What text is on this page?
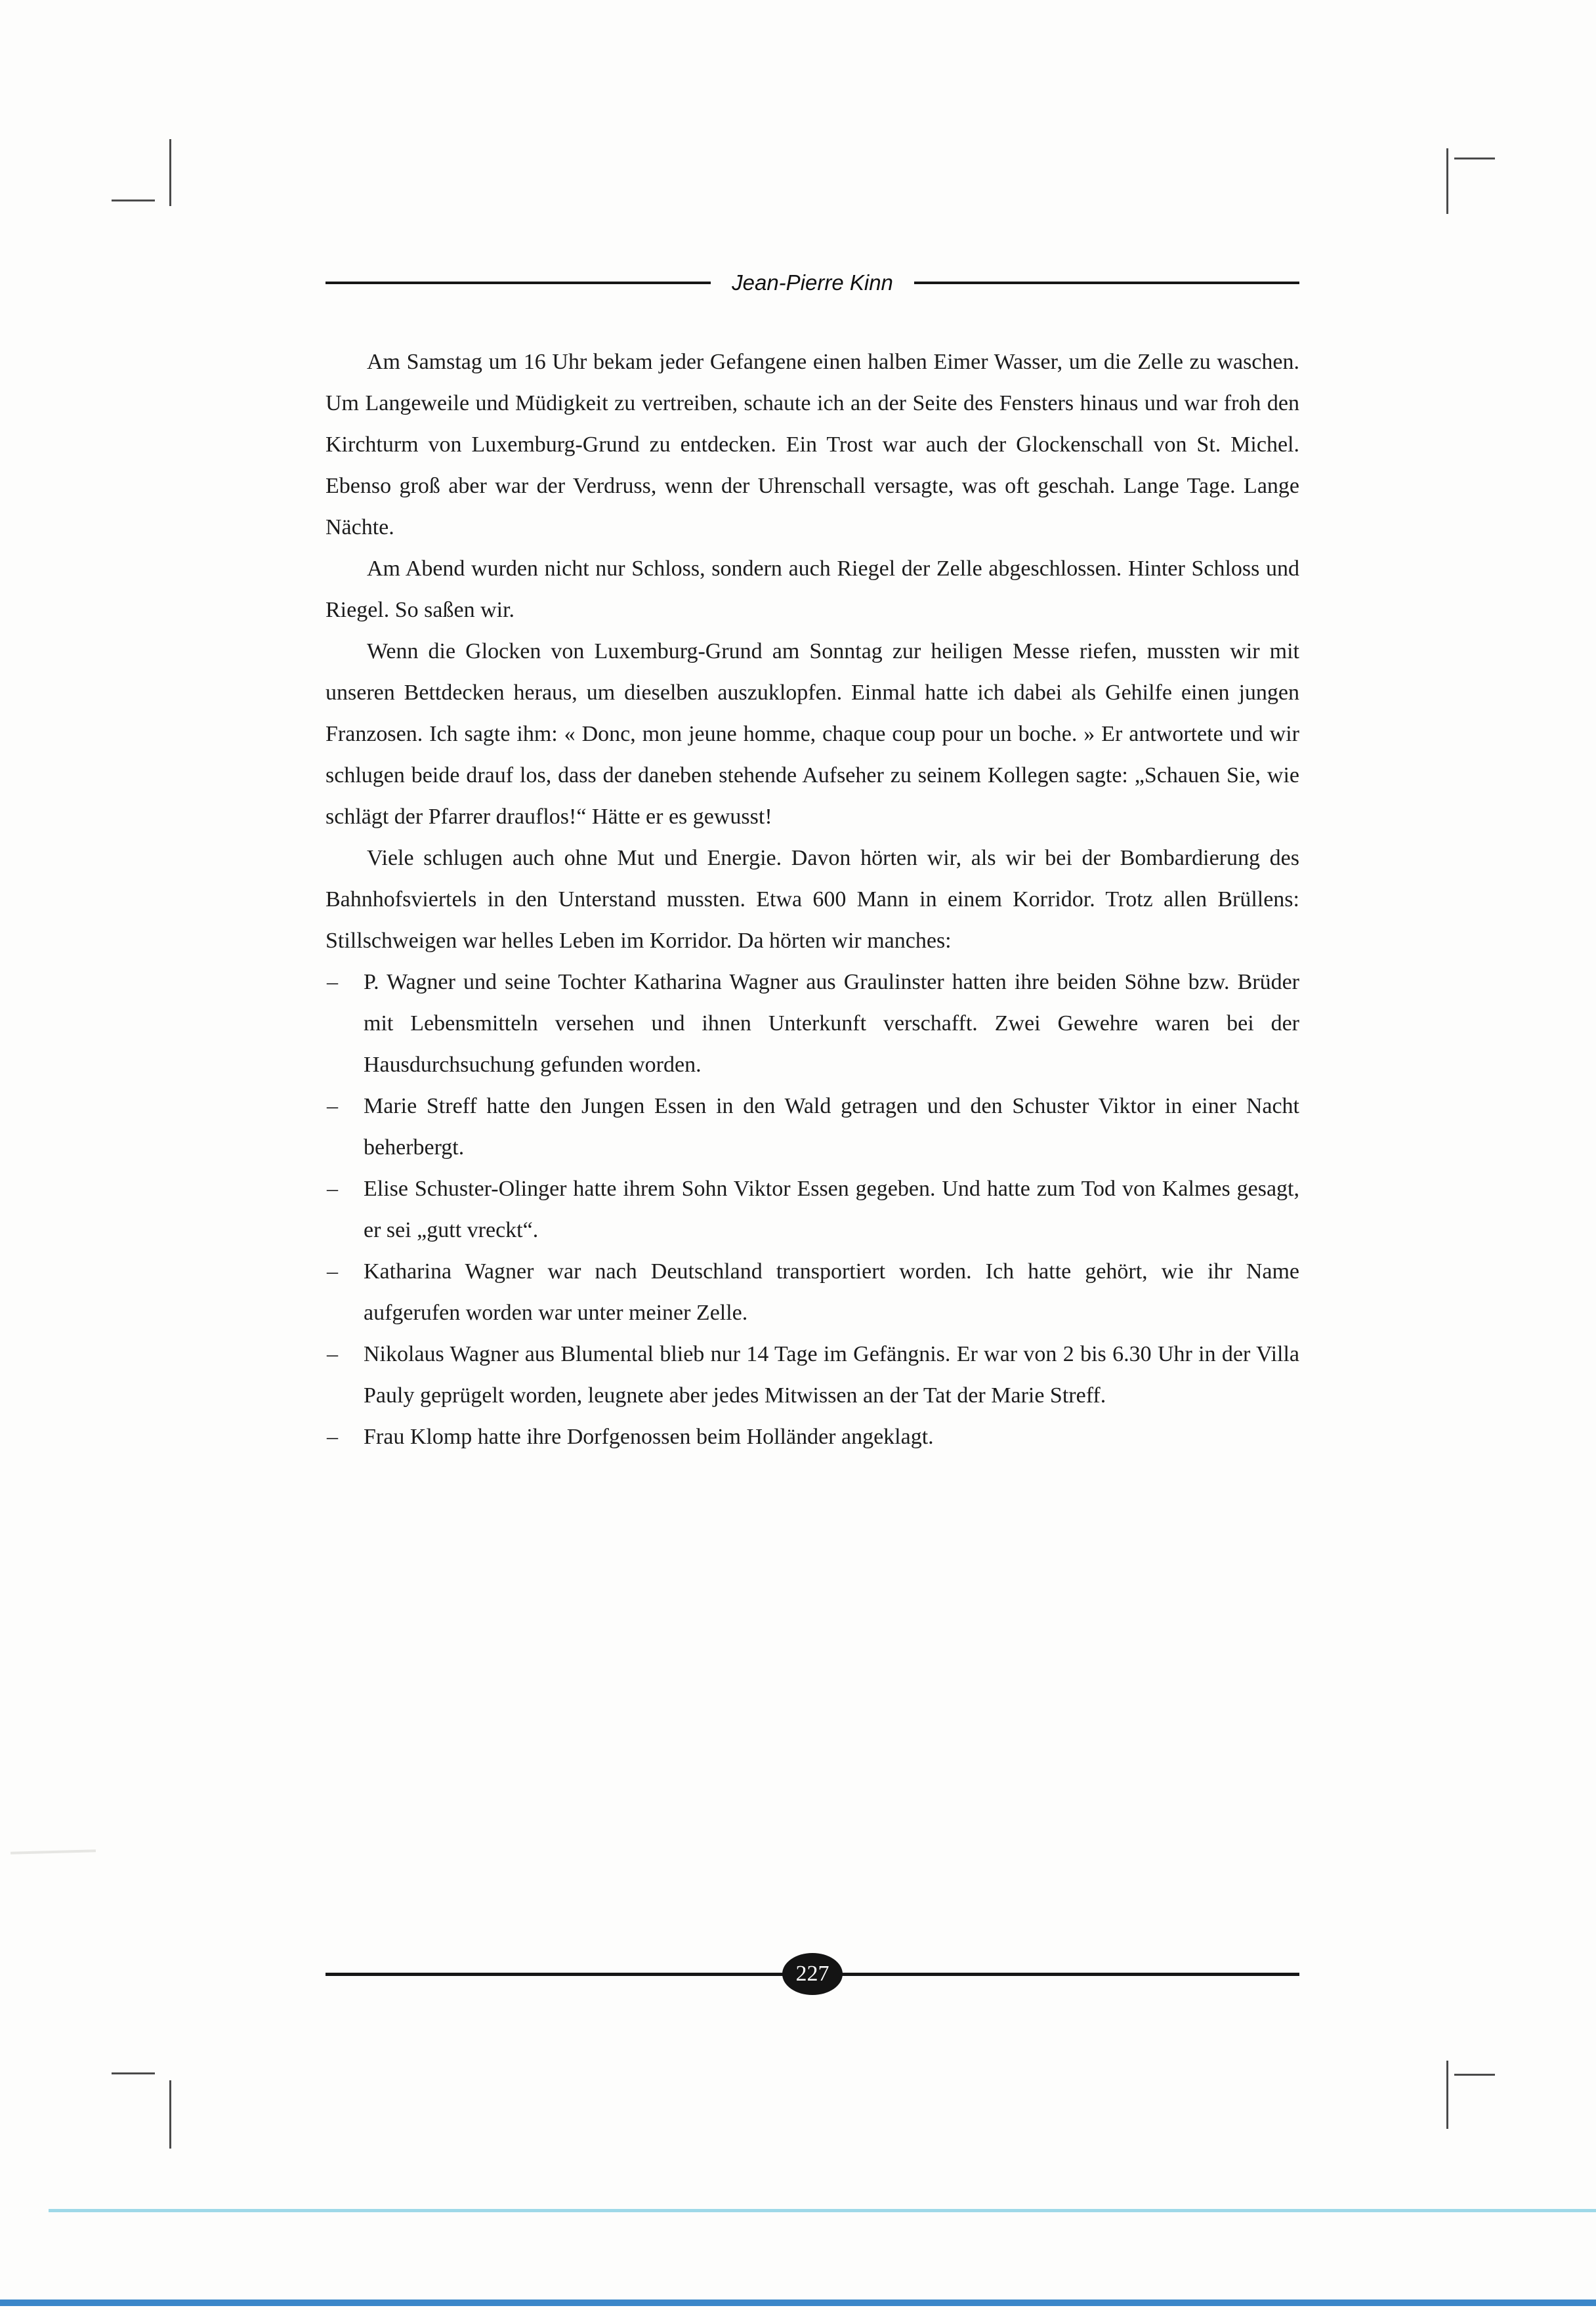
Jean-Pierre Kinn

Am Samstag um 16 Uhr bekam jeder Gefangene einen halben Eimer Wasser, um die Zelle zu waschen. Um Langeweile und Müdigkeit zu vertreiben, schaute ich an der Seite des Fensters hinaus und war froh den Kirchturm von Luxemburg-Grund zu entdecken. Ein Trost war auch der Glockenschall von St. Michel. Ebenso groß aber war der Verdruss, wenn der Uhrenschall versagte, was oft geschah. Lange Tage. Lange Nächte.

Am Abend wurden nicht nur Schloss, sondern auch Riegel der Zelle abgeschlossen. Hinter Schloss und Riegel. So saßen wir.

Wenn die Glocken von Luxemburg-Grund am Sonntag zur heiligen Messe riefen, mussten wir mit unseren Bettdecken heraus, um dieselben auszuklopfen. Einmal hatte ich dabei als Gehilfe einen jungen Franzosen. Ich sagte ihm: « Donc, mon jeune homme, chaque coup pour un boche. » Er antwortete und wir schlugen beide drauf los, dass der daneben stehende Aufseher zu seinem Kollegen sagte: „Schauen Sie, wie schlägt der Pfarrer drauflos!“ Hätte er es gewusst!

Viele schlugen auch ohne Mut und Energie. Davon hörten wir, als wir bei der Bombardierung des Bahnhofsviertels in den Unterstand mussten. Etwa 600 Mann in einem Korridor. Trotz allen Brüllens: Stillschweigen war helles Leben im Korridor. Da hörten wir manches:

– P. Wagner und seine Tochter Katharina Wagner aus Graulinster hatten ihre beiden Söhne bzw. Brüder mit Lebensmitteln versehen und ihnen Unterkunft verschafft. Zwei Gewehre waren bei der Hausdurchsuchung gefunden worden.
– Marie Streff hatte den Jungen Essen in den Wald getragen und den Schuster Viktor in einer Nacht beherbergt.
– Elise Schuster-Olinger hatte ihrem Sohn Viktor Essen gegeben. Und hatte zum Tod von Kalmes gesagt, er sei „gutt vreckt“.
– Katharina Wagner war nach Deutschland transportiert worden. Ich hatte gehört, wie ihr Name aufgerufen worden war unter meiner Zelle.
– Nikolaus Wagner aus Blumental blieb nur 14 Tage im Gefängnis. Er war von 2 bis 6.30 Uhr in der Villa Pauly geprügelt worden, leugnete aber jedes Mitwissen an der Tat der Marie Streff.
– Frau Klomp hatte ihre Dorfgenossen beim Holländer angeklagt.
227
